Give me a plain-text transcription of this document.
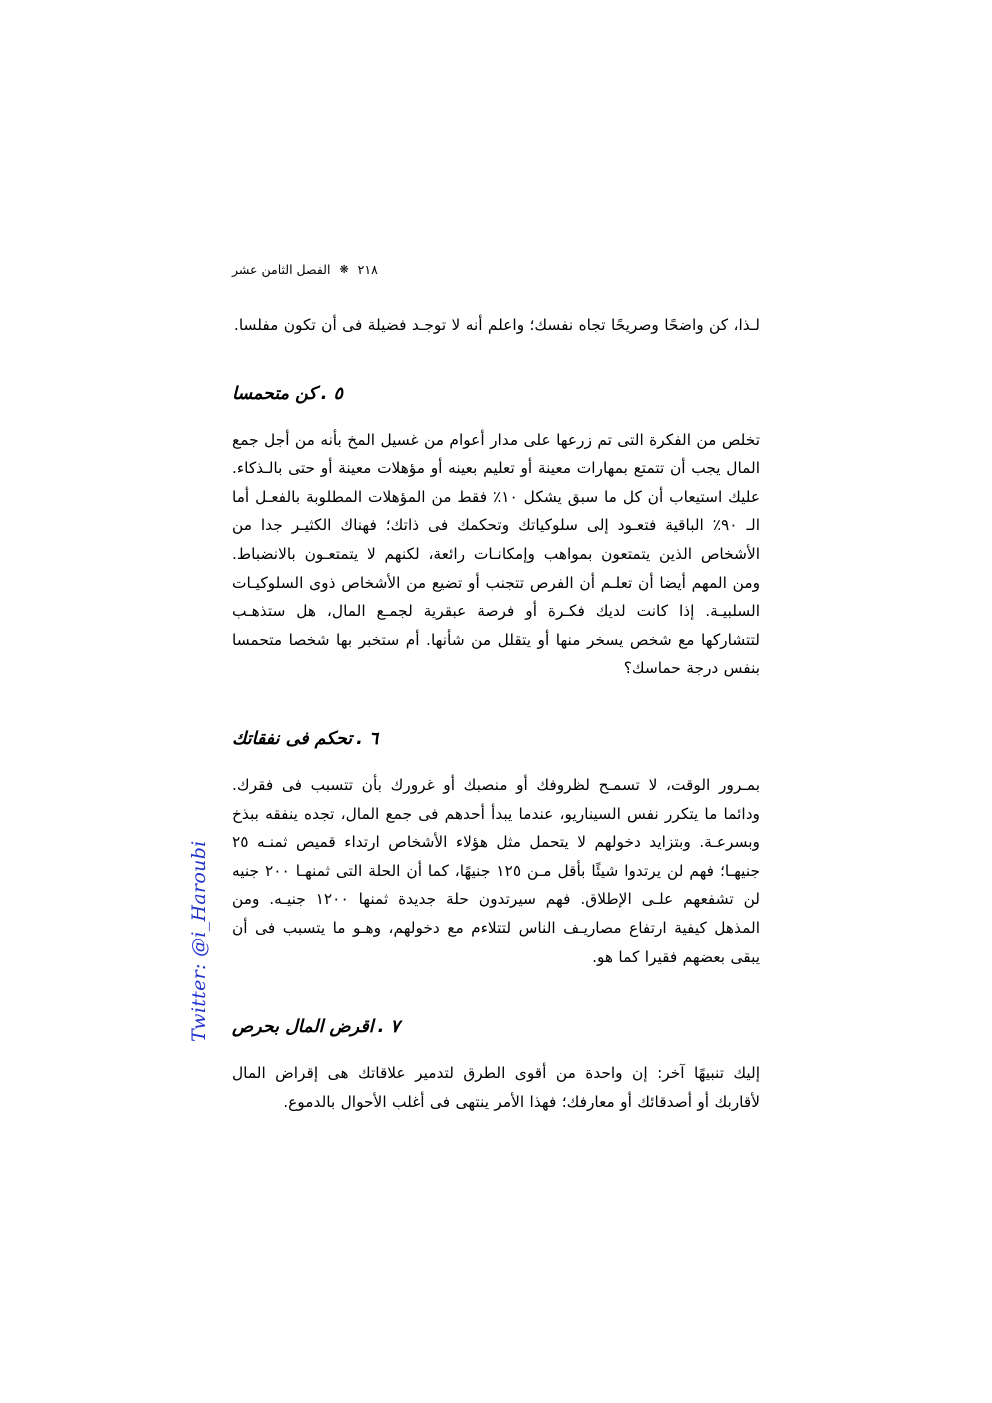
٢١٨❋الفصل الثامن عشر

لـذا، كن واضحًا وصريحًا تجاه نفسك؛ واعلم أنه لا توجـد فضيلة فى أن تكون مفلسا.

٥ .كن متحمسا

تخلص من الفكرة التى تم زرعها على مدار أعوام من غسيل المخ بأنه من أجل جمع المال يجب أن تتمتع بمهارات معينة أو تعليم بعينه أو مؤهلات معينة أو حتى بالـذكاء. عليك استيعاب أن كل ما سبق يشكل ١٠٪ فقط من المؤهلات المطلوبة بالفعـل أما الـ ٩٠٪ الباقية فتعـود إلى سلوكياتك وتحكمك فى ذاتك؛ فهناك الكثيـر جدا من الأشخاص الذين يتمتعون بمواهب وإمكانـات رائعة، لكنهم لا يتمتعـون بالانضباط. ومن المهم أيضا أن تعلـم أن الفرص تتجنب أو تضيع من الأشخاص ذوى السلوكيـات السلبيـة. إذا كانت لديك فكـرة أو فرصة عبقرية لجمـع المال، هل ستذهـب لتتشاركها مع شخص يسخر منها أو يتقلل من شأنها. أم ستخبر بها شخصا متحمسا بنفس درجة حماسك؟

٦ .تحكم فى نفقاتك

بمـرور الوقت، لا تسمـح لظروفك أو منصبك أو غرورك بأن تتسبب فى فقرك. ودائما ما يتكرر نفس السيناريو، عندما يبدأ أحدهم فى جمع المال، تجده ينفقه ببذخ وبسرعـة. وبتزايد دخولهم لا يتحمل مثل هؤلاء الأشخاص ارتداء قميص ثمنـه ٢٥ جنيهـا؛ فهم لن يرتدوا شيئًا بأقل مـن ١٢٥ جنيهًا، كما أن الحلة التى ثمنهـا ٢٠٠ جنيه لن تشفعهم علـى الإطلاق. فهم سيرتدون حلة جديدة ثمنها ١٢٠٠ جنيـه. ومن المذهل كيفية ارتفاع مصاريـف الناس لتتلاءم مع دخولهم، وهـو ما يتسبب فى أن يبقى بعضهم فقيرا كما هو.

٧ .اقرض المال بحرص

إليك تنبيهًا آخر: إن واحدة من أقوى الطرق لتدمير علاقاتك هى إقراض المال لأقاربك أو أصدقائك أو معارفك؛ فهذا الأمر ينتهى فى أغلب الأحوال بالدموع.

Twitter: @i_Haroubi
